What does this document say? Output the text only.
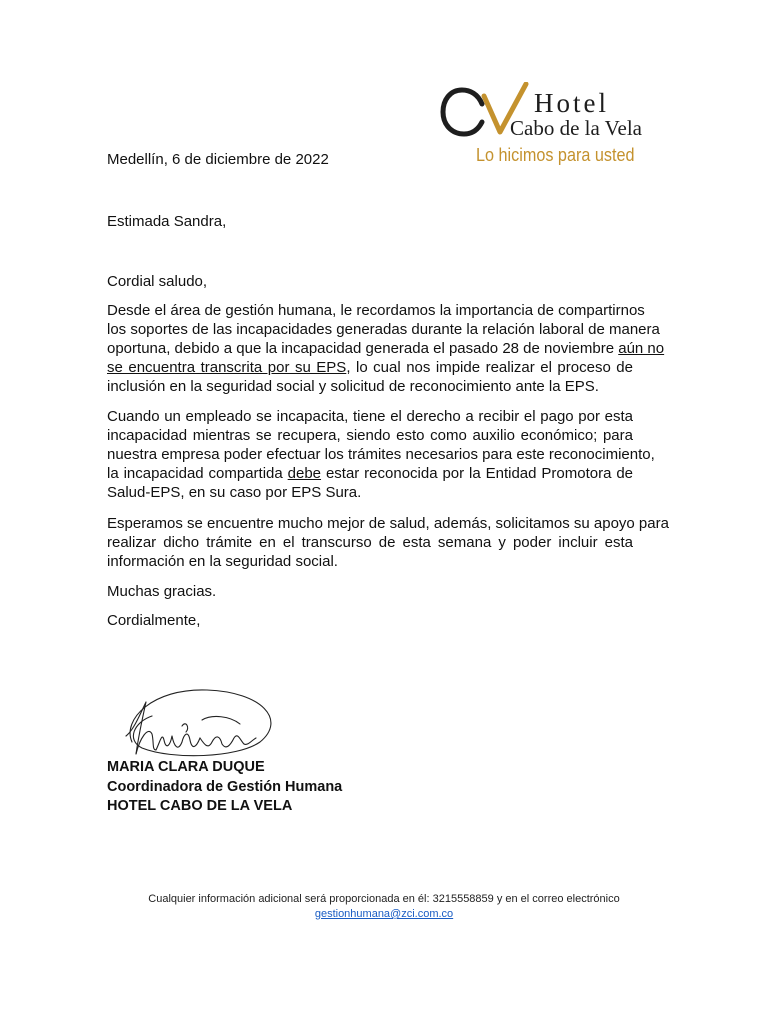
Hotel
Cabo de la Vela
Lo hicimos para usted
Medellín, 6 de diciembre de 2022
Estimada Sandra,
Cordial saludo,
Desde el área de gestión humana, le recordamos la importancia de compartirnos
los soportes de las incapacidades generadas durante la relación laboral de manera
oportuna, debido a que la incapacidad generada el pasado 28 de noviembre aún no
se encuentra transcrita por su EPS, lo cual nos impide realizar el proceso de
inclusión en la seguridad social y solicitud de reconocimiento ante la EPS.
Cuando un empleado se incapacita, tiene el derecho a recibir el pago por esta
incapacidad mientras se recupera, siendo esto como auxilio económico; para
nuestra empresa poder efectuar los trámites necesarios para este reconocimiento,
la incapacidad compartida debe estar reconocida por la Entidad Promotora de
Salud-EPS, en su caso por EPS Sura.
Esperamos se encuentre mucho mejor de salud, además, solicitamos su apoyo para
realizar dicho trámite en el transcurso de esta semana y poder incluir esta
información en la seguridad social.
Muchas gracias.
Cordialmente,
MARIA CLARA DUQUE
Coordinadora de Gestión Humana
HOTEL CABO DE LA VELA
Cualquier información adicional será proporcionada en él: 3215558859 y en el correo electrónico
gestionhumana@zci.com.co
